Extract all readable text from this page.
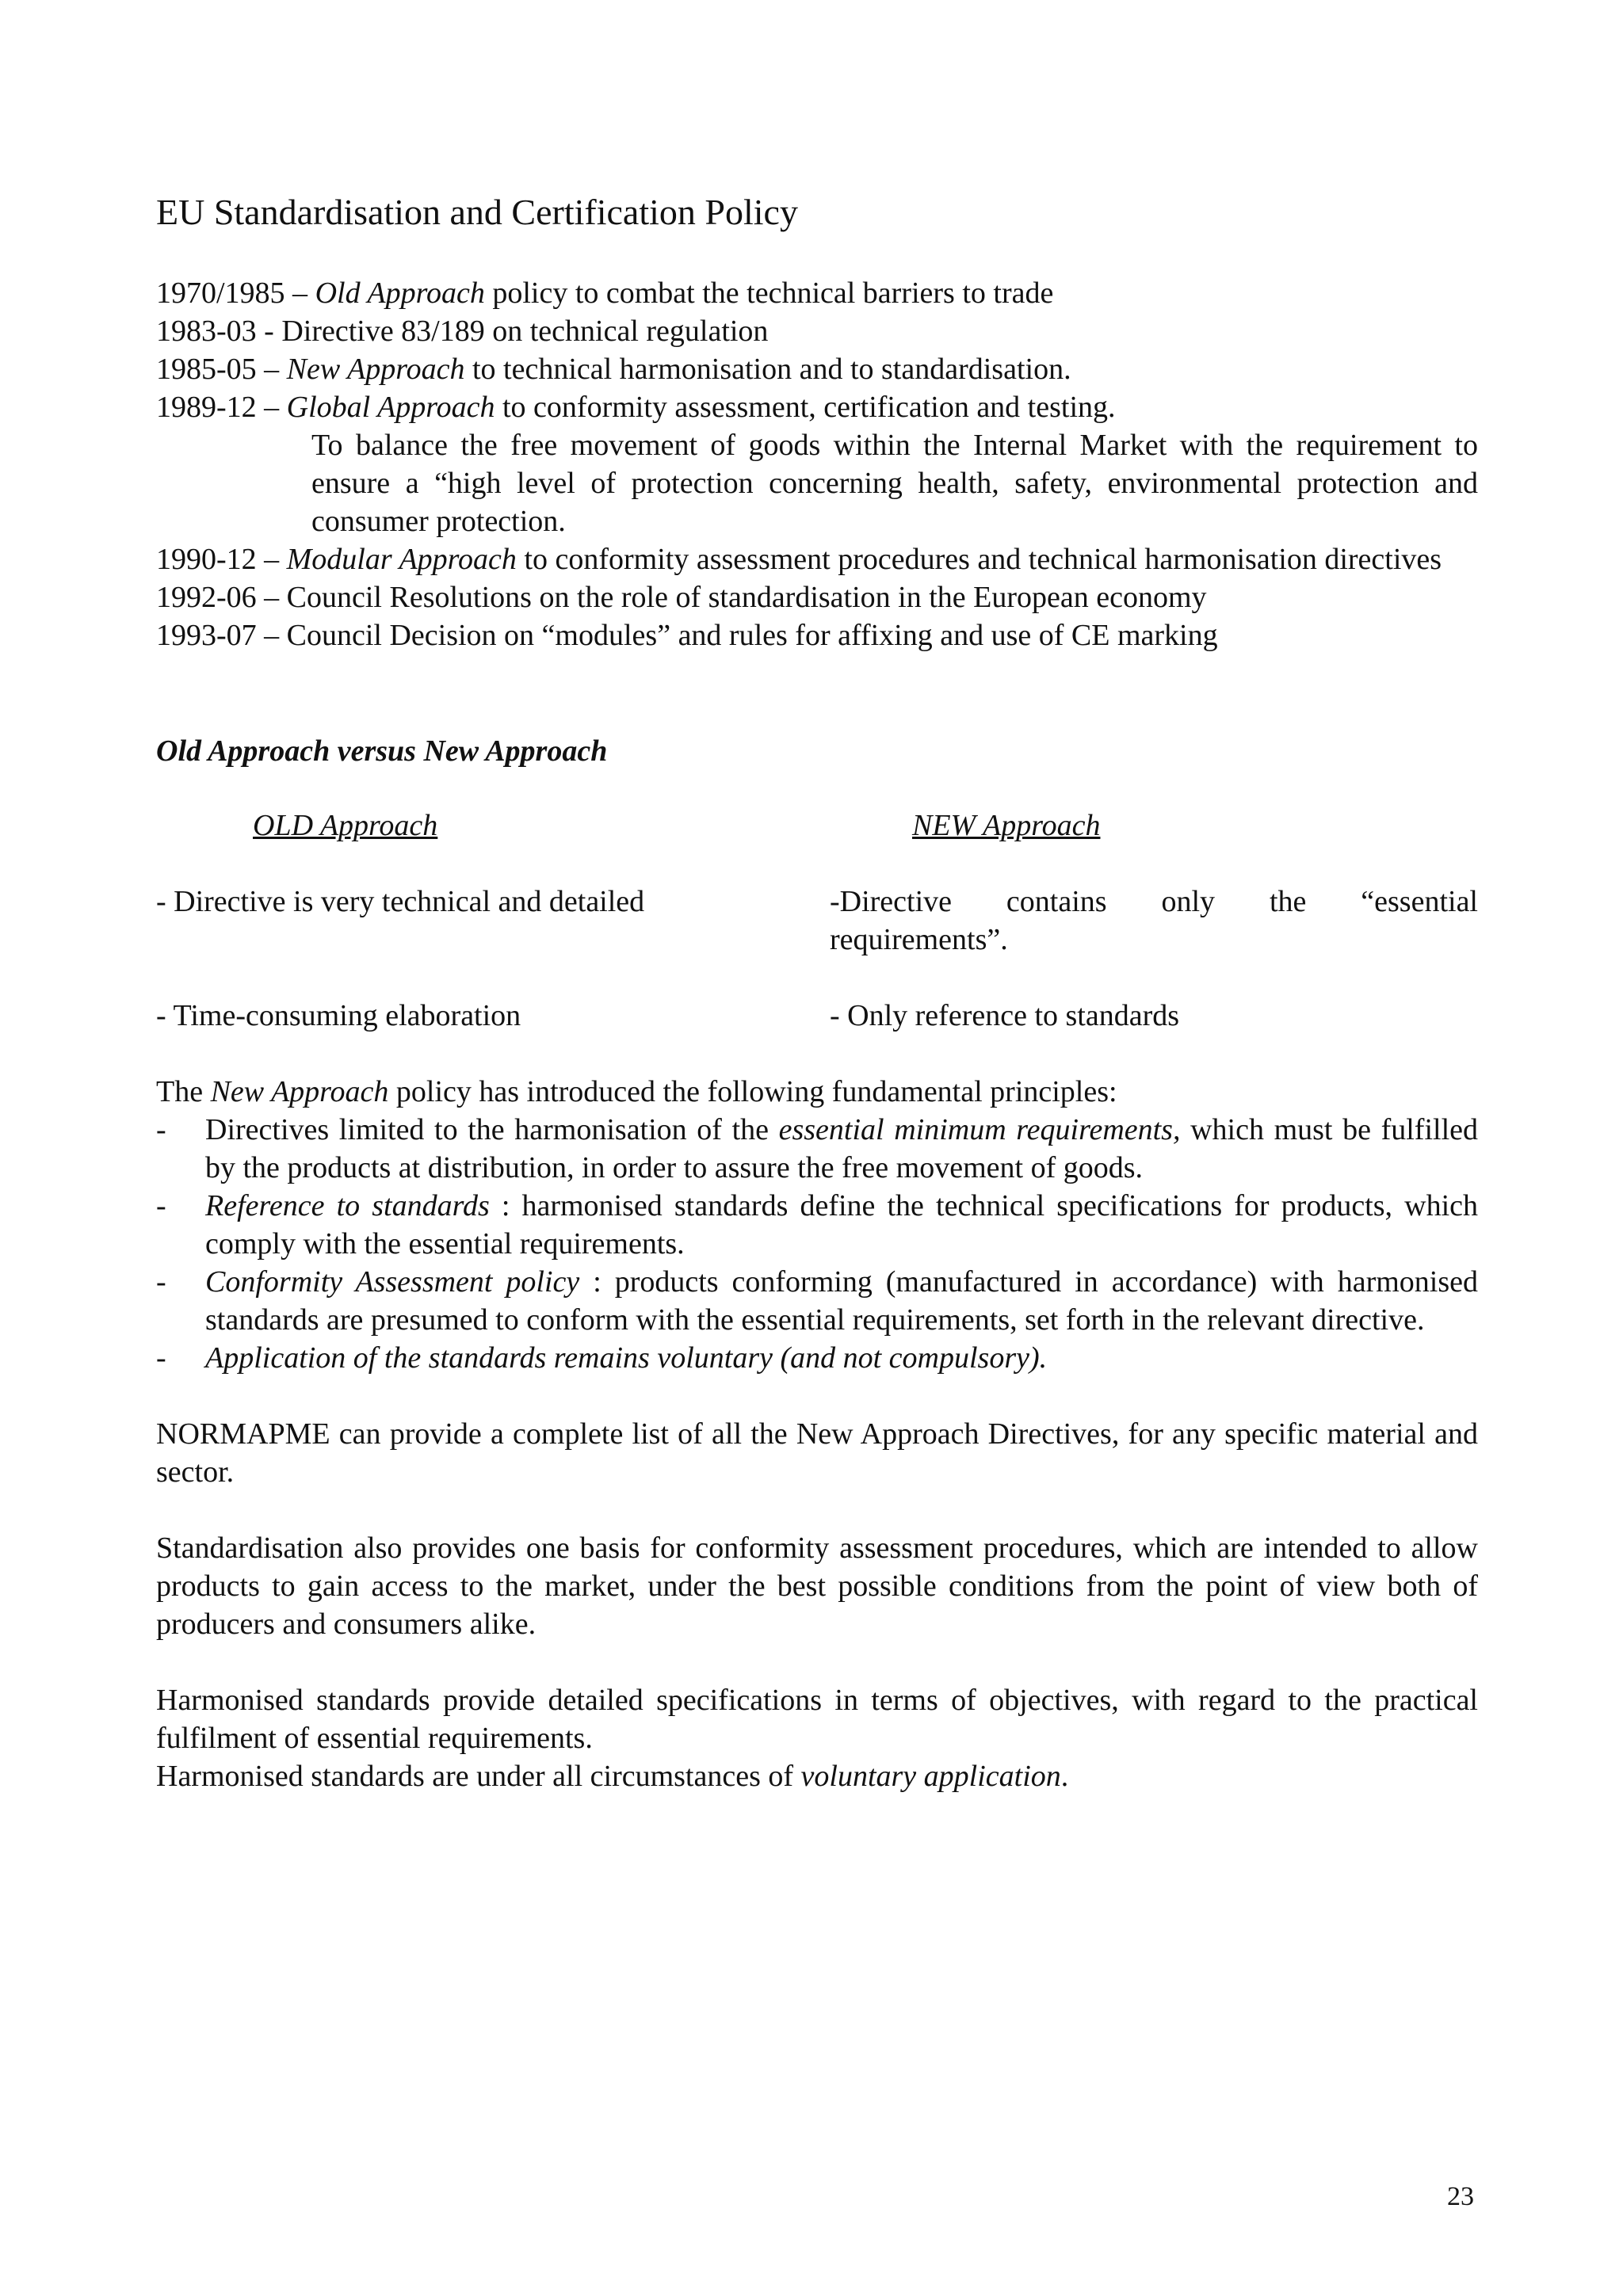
EU Standardisation and Certification Policy
1970/1985 – Old Approach policy to combat the technical barriers to trade
1983-03 - Directive 83/189 on technical regulation
1985-05 – New Approach to technical harmonisation and to standardisation.
1989-12 – Global Approach to conformity assessment, certification and testing.
To balance the free movement of goods within the Internal Market with the requirement to ensure a “high level of protection concerning health, safety, environmental protection and consumer protection.
1990-12 – Modular Approach to conformity assessment procedures and technical harmonisation directives
1992-06 – Council Resolutions on the role of standardisation in the European economy
1993-07 – Council Decision on “modules” and rules for affixing and use of CE marking
Old Approach versus New Approach
OLD Approach	NEW Approach
- Directive is very technical and detailed	-Directive contains only the “essential
requirements”.
- Time-consuming elaboration	- Only reference to standards
The New Approach policy has introduced the following fundamental principles:
-	Directives limited to the harmonisation of the essential minimum requirements, which must be fulfilled by the products at distribution, in order to assure the free movement of goods.
-	Reference to standards : harmonised standards define the technical specifications for products, which comply with the essential requirements.
-	Conformity Assessment policy : products conforming (manufactured in accordance) with harmonised standards are presumed to conform with the essential requirements, set forth in the relevant directive.
-	Application of the standards remains voluntary (and not compulsory).
NORMAPME can provide a complete list of all the New Approach Directives, for any specific material and sector.
Standardisation also provides one basis for conformity assessment procedures, which are intended to allow products to gain access to the market, under the best possible conditions from the point of view both of producers and consumers alike.
Harmonised standards provide detailed specifications in terms of objectives, with regard to the practical fulfilment of essential requirements.
Harmonised standards are under all circumstances of voluntary application.
23
